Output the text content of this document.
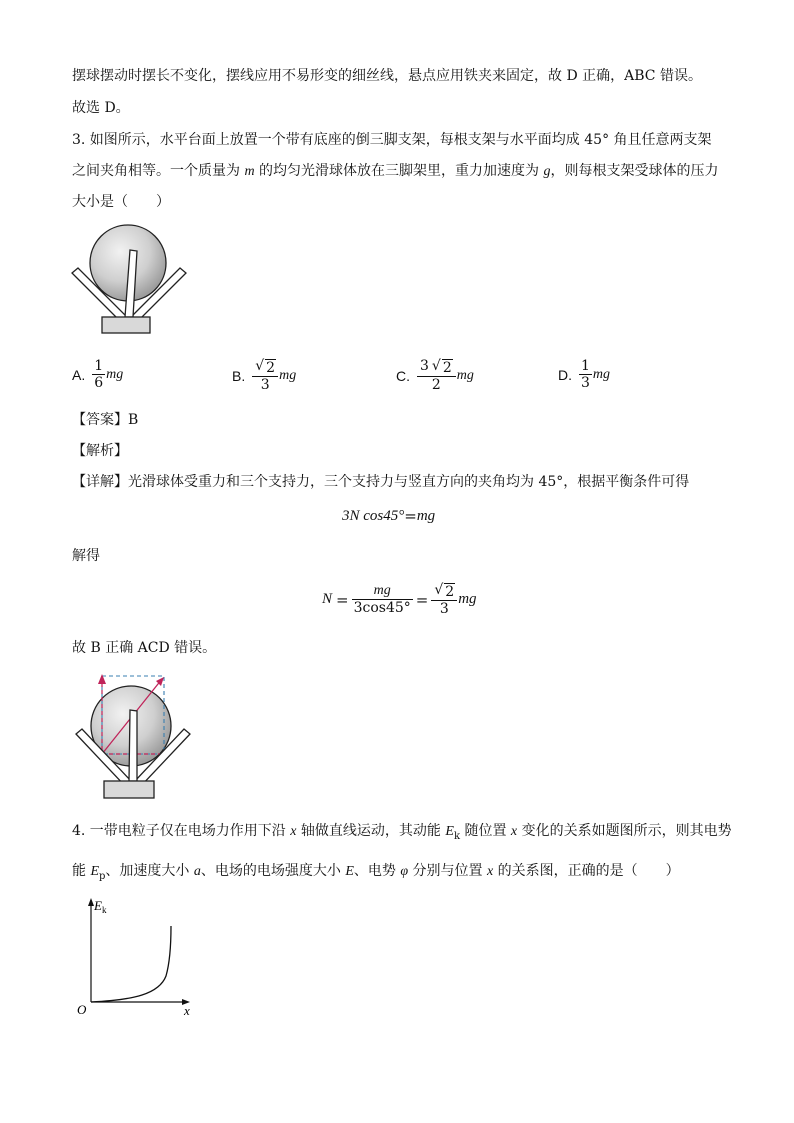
摆球摆动时摆长不变化，摆线应用不易形变的细丝线，悬点应用铁夹来固定，故 D 正确，ABC 错误。
故选 D。
3. 如图所示，水平台面上放置一个带有底座的倒三脚支架，每根支架与水平面均成 45° 角且任意两支架
之间夹角相等。一个质量为 m 的均匀光滑球体放在三脚架里，重力加速度为 g，则每根支架受球体的压力
大小是（　　）
A. $\frac{1}{6}$ mg	B. $\frac{√ 2}{3}$ mg	C. $\frac{3 √ 2}{2}$ mg	D. $\frac{1}{3}$ mg
【答案】B
【解析】
【详解】光滑球体受重力和三个支持力，三个支持力与竖直方向的夹角均为 45°，根据平衡条件可得
3N cos45° = mg
解得
$N = \frac{mg}{3\cos 45^\circ} = \frac{√ 2}{3}$ mg
故 B 正确 ACD 错误。
4. 一带电粒子仅在电场力作用下沿 x 轴做直线运动，其动能 $E_k$ 随位置 x 变化的关系如题图所示，则其电势
能 $E_p$、加速度大小 a、电场的电场强度大小 E、电势 φ 分别与位置 x 的关系图，正确的是（　　）
$E_k$
x
O
